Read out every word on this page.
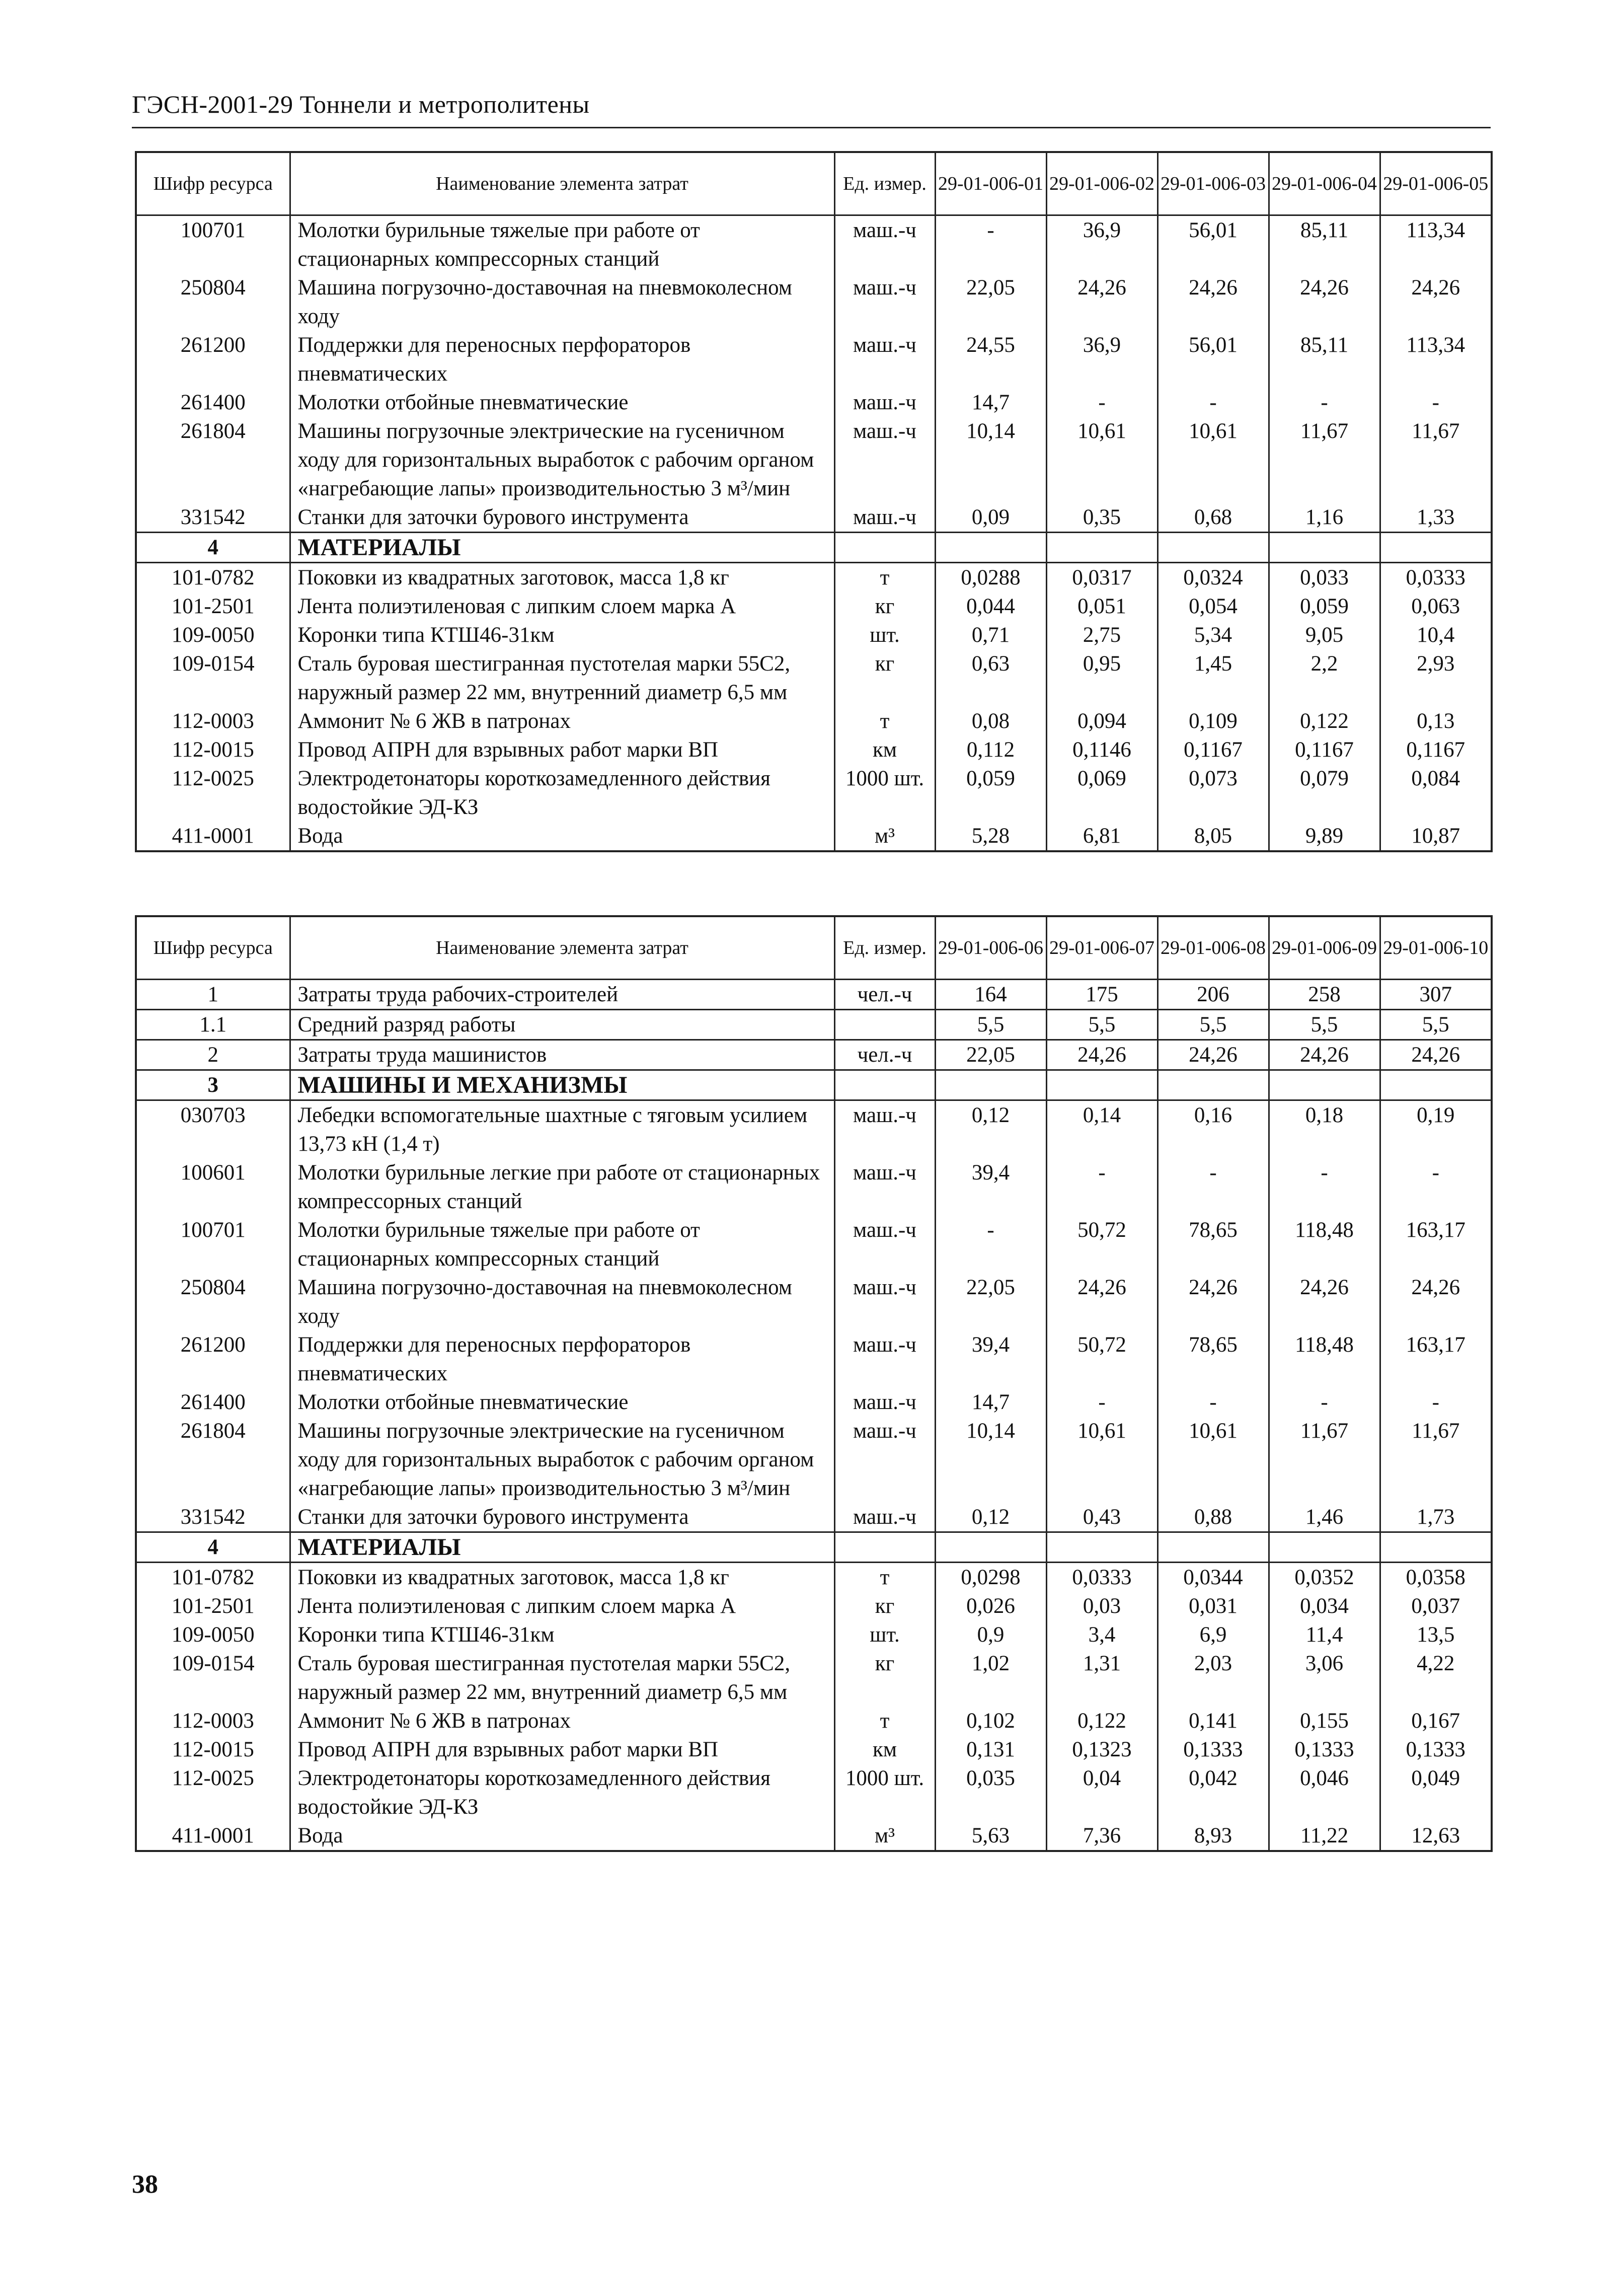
ГЭСН-2001-29 Тоннели и метрополитены
Шифр ресурса	Наименование элемента затрат	Ед. измер.	29-01-006-01	29-01-006-02	29-01-006-03	29-01-006-04	29-01-006-05
100701	Молотки бурильные тяжелые при работе от стационарных компрессорных станций	маш.-ч	-	36,9	56,01	85,11	113,34
250804	Машина погрузочно-доставочная на пневмоколесном ходу	маш.-ч	22,05	24,26	24,26	24,26	24,26
261200	Поддержки для переносных перфораторов пневматических	маш.-ч	24,55	36,9	56,01	85,11	113,34
261400	Молотки отбойные пневматические	маш.-ч	14,7	-	-	-	-
261804	Машины погрузочные электрические на гусеничном ходу для горизонтальных выработок с рабочим органом «нагребающие лапы» производительностью 3 м³/мин	маш.-ч	10,14	10,61	10,61	11,67	11,67
331542	Станки для заточки бурового инструмента	маш.-ч	0,09	0,35	0,68	1,16	1,33
4	МАТЕРИАЛЫ						
101-0782	Поковки из квадратных заготовок, масса 1,8 кг	т	0,0288	0,0317	0,0324	0,033	0,0333
101-2501	Лента полиэтиленовая с липким слоем марка А	кг	0,044	0,051	0,054	0,059	0,063
109-0050	Коронки типа КТШ46-31км	шт.	0,71	2,75	5,34	9,05	10,4
109-0154	Сталь буровая шестигранная пустотелая марки 55С2, наружный размер 22 мм, внутренний диаметр 6,5 мм	кг	0,63	0,95	1,45	2,2	2,93
112-0003	Аммонит № 6 ЖВ в патронах	т	0,08	0,094	0,109	0,122	0,13
112-0015	Провод АПРН для взрывных работ марки ВП	км	0,112	0,1146	0,1167	0,1167	0,1167
112-0025	Электродетонаторы короткозамедленного действия водостойкие ЭД-КЗ	1000 шт.	0,059	0,069	0,073	0,079	0,084
411-0001	Вода	м³	5,28	6,81	8,05	9,89	10,87
Шифр ресурса	Наименование элемента затрат	Ед. измер.	29-01-006-06	29-01-006-07	29-01-006-08	29-01-006-09	29-01-006-10
1	Затраты труда рабочих-строителей	чел.-ч	164	175	206	258	307
1.1	Средний разряд работы		5,5	5,5	5,5	5,5	5,5
2	Затраты труда машинистов	чел.-ч	22,05	24,26	24,26	24,26	24,26
3	МАШИНЫ И МЕХАНИЗМЫ						
030703	Лебедки вспомогательные шахтные с тяговым усилием 13,73 кН (1,4 т)	маш.-ч	0,12	0,14	0,16	0,18	0,19
100601	Молотки бурильные легкие при работе от стационарных компрессорных станций	маш.-ч	39,4	-	-	-	-
100701	Молотки бурильные тяжелые при работе от стационарных компрессорных станций	маш.-ч	-	50,72	78,65	118,48	163,17
250804	Машина погрузочно-доставочная на пневмоколесном ходу	маш.-ч	22,05	24,26	24,26	24,26	24,26
261200	Поддержки для переносных перфораторов пневматических	маш.-ч	39,4	50,72	78,65	118,48	163,17
261400	Молотки отбойные пневматические	маш.-ч	14,7	-	-	-	-
261804	Машины погрузочные электрические на гусеничном ходу для горизонтальных выработок с рабочим органом «нагребающие лапы» производительностью 3 м³/мин	маш.-ч	10,14	10,61	10,61	11,67	11,67
331542	Станки для заточки бурового инструмента	маш.-ч	0,12	0,43	0,88	1,46	1,73
4	МАТЕРИАЛЫ						
101-0782	Поковки из квадратных заготовок, масса 1,8 кг	т	0,0298	0,0333	0,0344	0,0352	0,0358
101-2501	Лента полиэтиленовая с липким слоем марка А	кг	0,026	0,03	0,031	0,034	0,037
109-0050	Коронки типа КТШ46-31км	шт.	0,9	3,4	6,9	11,4	13,5
109-0154	Сталь буровая шестигранная пустотелая марки 55С2, наружный размер 22 мм, внутренний диаметр 6,5 мм	кг	1,02	1,31	2,03	3,06	4,22
112-0003	Аммонит № 6 ЖВ в патронах	т	0,102	0,122	0,141	0,155	0,167
112-0015	Провод АПРН для взрывных работ марки ВП	км	0,131	0,1323	0,1333	0,1333	0,1333
112-0025	Электродетонаторы короткозамедленного действия водостойкие ЭД-КЗ	1000 шт.	0,035	0,04	0,042	0,046	0,049
411-0001	Вода	м³	5,63	7,36	8,93	11,22	12,63
38
